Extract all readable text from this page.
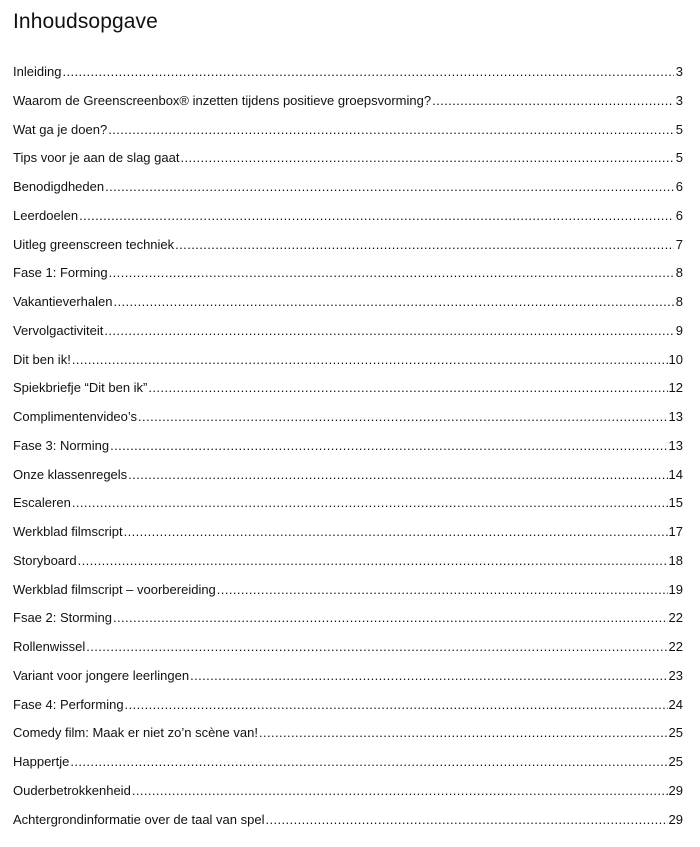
Inhoudsopgave
Inleiding .....	3
Waarom de Greenscreenbox® inzetten tijdens positieve groepsvorming? .....	3
Wat ga je doen? .....	5
Tips voor je aan de slag gaat .....	5
Benodigdheden .....	6
Leerdoelen .....	6
Uitleg greenscreen techniek .....	7
Fase 1: Forming .....	8
Vakantieverhalen .....	8
Vervolgactiviteit .....	9
Dit ben ik! .....	10
Spiekbriefje “Dit ben ik” .....	12
Complimentenvideo’s .....	13
Fase 3: Norming .....	13
Onze klassenregels .....	14
Escaleren .....	15
Werkblad filmscript .....	17
Storyboard .....	18
Werkblad filmscript – voorbereiding .....	19
Fsae 2: Storming .....	22
Rollenwissel .....	22
Variant voor jongere leerlingen .....	23
Fase 4: Performing .....	24
Comedy film: Maak er niet zo’n scène van! .....	25
Happertje .....	25
Ouderbetrokkenheid .....	29
Achtergrondinformatie over de taal van spel .....	29
